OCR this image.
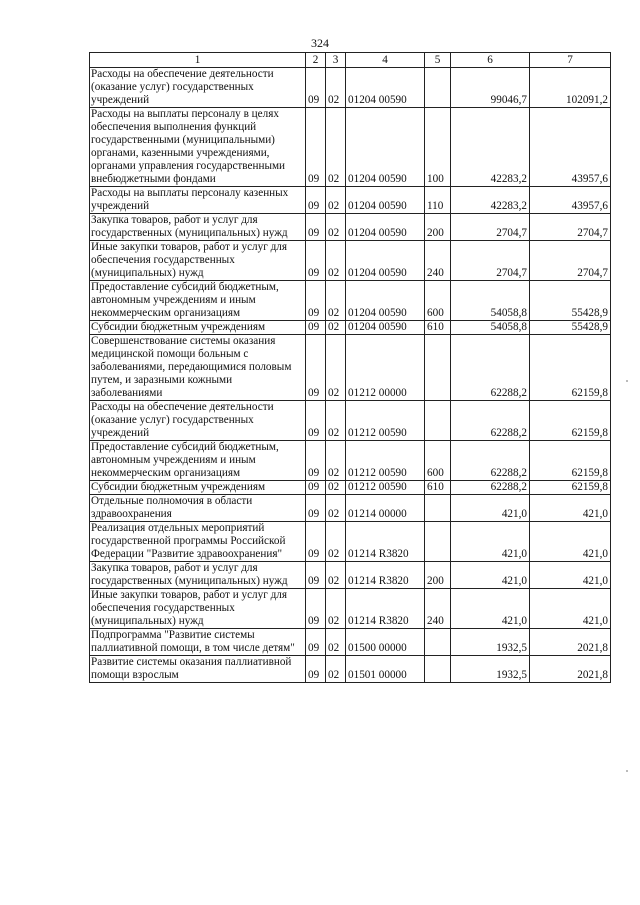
324
1	2	3	4	5	6	7
Расходы на обеспечение деятельности (оказание услуг) государственных учреждений	09	02	01204 00590		99046,7	102091,2
Расходы на выплаты персоналу в целях обеспечения выполнения функций государственными (муниципальными) органами, казенными учреждениями, органами управления государственными внебюджетными фондами	09	02	01204 00590	100	42283,2	43957,6
Расходы на выплаты персоналу казенных учреждений	09	02	01204 00590	110	42283,2	43957,6
Закупка товаров, работ и услуг для государственных (муниципальных) нужд	09	02	01204 00590	200	2704,7	2704,7
Иные закупки товаров, работ и услуг для обеспечения государственных (муниципальных) нужд	09	02	01204 00590	240	2704,7	2704,7
Предоставление субсидий бюджетным, автономным учреждениям и иным некоммерческим организациям	09	02	01204 00590	600	54058,8	55428,9
Субсидии бюджетным учреждениям	09	02	01204 00590	610	54058,8	55428,9
Совершенствование системы оказания медицинской помощи больным с заболеваниями, передающимися половым путем, и заразными кожными заболеваниями	09	02	01212 00000		62288,2	62159,8
Расходы на обеспечение деятельности (оказание услуг) государственных учреждений	09	02	01212 00590		62288,2	62159,8
Предоставление субсидий бюджетным, автономным учреждениям и иным некоммерческим организациям	09	02	01212 00590	600	62288,2	62159,8
Субсидии бюджетным учреждениям	09	02	01212 00590	610	62288,2	62159,8
Отдельные полномочия в области здравоохранения	09	02	01214 00000		421,0	421,0
Реализация отдельных мероприятий государственной программы Российской Федерации "Развитие здравоохранения"	09	02	01214 R3820		421,0	421,0
Закупка товаров, работ и услуг для государственных (муниципальных) нужд	09	02	01214 R3820	200	421,0	421,0
Иные закупки товаров, работ и услуг для обеспечения государственных (муниципальных) нужд	09	02	01214 R3820	240	421,0	421,0
Подпрограмма "Развитие системы паллиативной помощи, в том числе детям"	09	02	01500 00000		1932,5	2021,8
Развитие системы оказания паллиативной помощи взрослым	09	02	01501 00000		1932,5	2021,8
